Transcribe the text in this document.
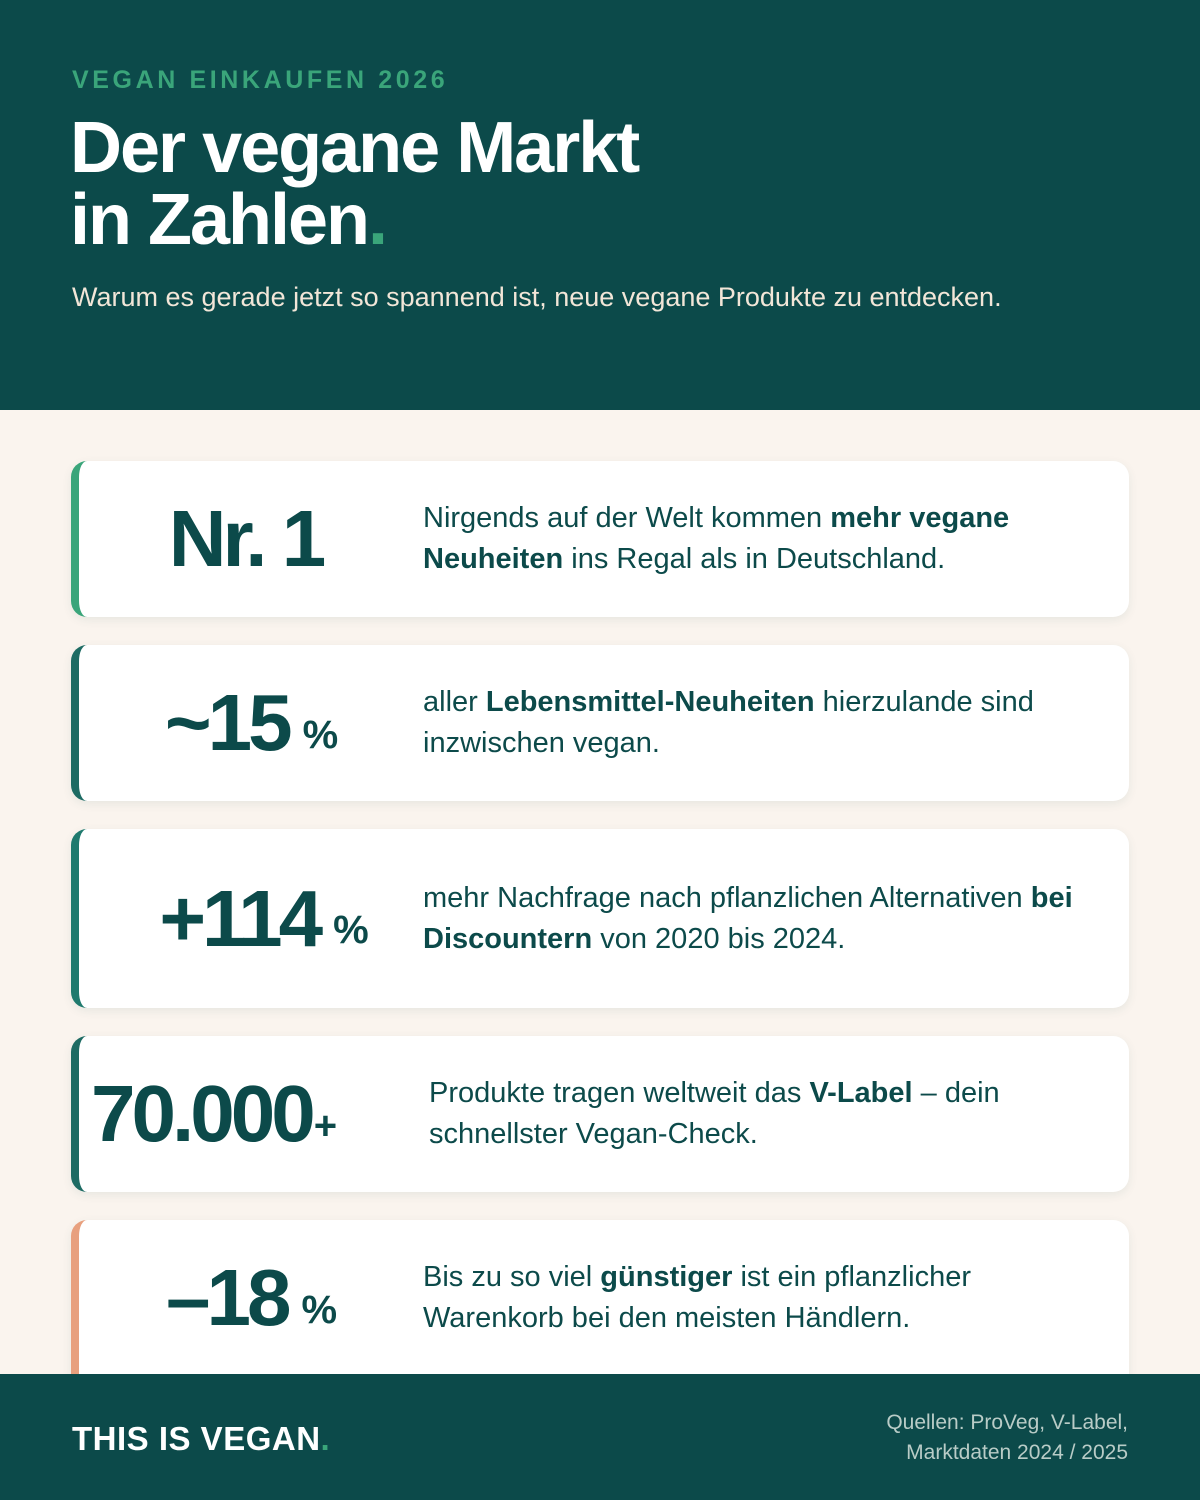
VEGAN EINKAUFEN 2026
Der vegane Markt
in Zahlen.
Warum es gerade jetzt so spannend ist, neue vegane Produkte zu entdecken.
Nr. 1	Nirgends auf der Welt kommen mehr vegane Neuheiten ins Regal als in Deutschland.
~15 %
aller Lebensmittel-Neuheiten hierzulande sind inzwischen vegan.
+114 %
mehr Nachfrage nach pflanzlichen Alternativen bei Discountern von 2020 bis 2024.
70.000 +
Produkte tragen weltweit das V-Label – dein schnellster Vegan-Check.
–18 %
Bis zu so viel günstiger ist ein pflanzlicher Warenkorb bei den meisten Händlern.
THIS IS VEGAN.	Quellen: ProVeg, V-Label,
Marktdaten 2024 / 2025
